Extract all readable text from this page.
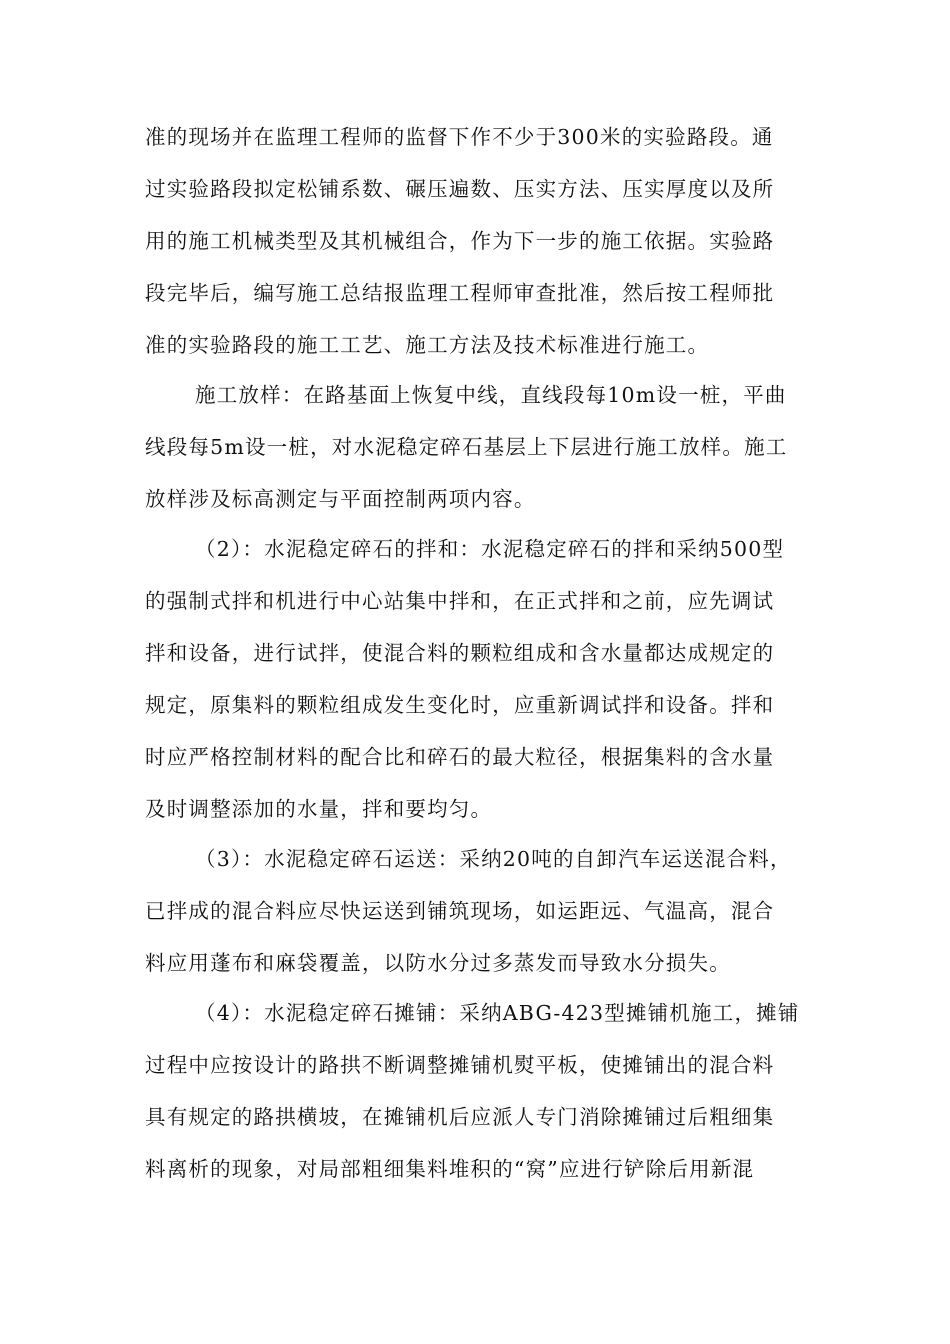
准的现场并在监理工程师的监督下作不少于300米的实验路段。通
过实验路段拟定松铺系数、碾压遍数、压实方法、压实厚度以及所
用的施工机械类型及其机械组合，作为下一步的施工依据。实验路
段完毕后，编写施工总结报监理工程师审查批准，然后按工程师批
准的实验路段的施工工艺、施工方法及技术标准进行施工。
施工放样：在路基面上恢复中线，直线段每10m设一桩，平曲
线段每5m设一桩，对水泥稳定碎石基层上下层进行施工放样。施工
放样涉及标高测定与平面控制两项内容。
（2）：水泥稳定碎石的拌和：水泥稳定碎石的拌和采纳500型
的强制式拌和机进行中心站集中拌和，在正式拌和之前，应先调试
拌和设备，进行试拌，使混合料的颗粒组成和含水量都达成规定的
规定，原集料的颗粒组成发生变化时，应重新调试拌和设备。拌和
时应严格控制材料的配合比和碎石的最大粒径，根据集料的含水量
及时调整添加的水量，拌和要均匀。
（3）：水泥稳定碎石运送：采纳20吨的自卸汽车运送混合料，
已拌成的混合料应尽快运送到铺筑现场，如运距远、气温高，混合
料应用蓬布和麻袋覆盖，以防水分过多蒸发而导致水分损失。
（4）：水泥稳定碎石摊铺：采纳ABG-423型摊铺机施工，摊铺
过程中应按设计的路拱不断调整摊铺机熨平板，使摊铺出的混合料
具有规定的路拱横坡，在摊铺机后应派人专门消除摊铺过后粗细集
料离析的现象，对局部粗细集料堆积的“窝”应进行铲除后用新混
